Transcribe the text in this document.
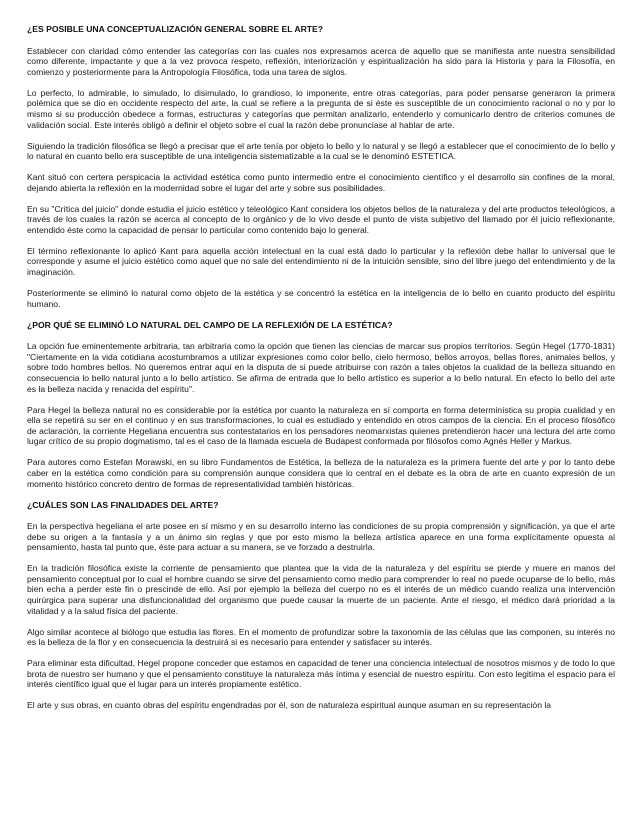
¿ES POSIBLE UNA CONCEPTUALIZACIÓN GENERAL SOBRE EL ARTE?

Establecer con claridad cómo entender las categorías con las cuales nos expresamos acerca de aquello que se manifiesta ante nuestra sensibilidad como diferente, impactante y que a la vez provoca respeto, reflexión, interiorización y espiritualización ha sido para la Historia y para la Filosofía, en comienzo y posteriormente para la Antropología Filosófica, toda una tarea de siglos.

Lo perfecto, lo admirable, lo simulado, lo disimulado, lo grandioso, lo imponente, entre otras categorías, para poder pensarse generaron la primera polémica que se dio en occidente respecto del arte, la cual se refiere a la pregunta de si éste es susceptible de un conocimiento racional o no y por lo mismo si su producción obedece a formas, estructuras y categorías que permitan analizarlo, entenderlo y comunicarlo dentro de criterios comunes de validación social. Este interés obligó a definir el objeto sobre el cual la razón debe pronunciase al hablar de arte.

Siguiendo la tradición filosófica se llegó a precisar que el arte tenía por objeto lo bello y lo natural y se llegó a establecer que el conocimiento de lo bello y lo natural en cuanto bello era susceptible de una inteligencia sistematizable a la cual se le denominó ESTETICA.

Kant situó con certera perspicacia la actividad estética como punto intermedio entre el conocimiento científico y el desarrollo sin confines de la moral, dejando abierta la reflexión en la modernidad sobre el lugar del arte y sobre sus posibilidades.

En su "Crítica del juicio" donde estudia el juicio estético y teleológico Kant considera los objetos bellos de la naturaleza y del arte productos teleológicos, a través de los cuales la razón se acerca al concepto de lo orgánico y de lo vivo desde el punto de vista subjetivo del llamado por él juicio reflexionante, entendido éste como la capacidad de pensar lo particular como contenido bajo lo general.

El término reflexionante lo aplicó Kant para aquella acción intelectual en la cual está dado lo particular y la reflexión debe hallar lo universal que le corresponde y asume el juicio estético como aquel que no sale del entendimiento ni de la intuición sensible, sino del libre juego del entendimiento y de la imaginación.

Posteriormente se eliminó lo natural como objeto de la estética y se concentró la estética en la inteligencia de lo bello en cuanto producto del espíritu humano.

¿POR QUÉ SE ELIMINÓ LO NATURAL DEL CAMPO DE LA REFLEXIÓN DE LA ESTÉTICA?

La opción fue eminentemente arbitraria, tan arbitraria como la opción que tienen las ciencias de marcar sus propios territorios. Según Hegel (1770-1831) "Ciertamente en la vida cotidiana acostumbramos a utilizar expresiones como color bello, cielo hermoso, bellos arroyos, bellas flores, animales bellos, y sobre todo hombres bellos. No queremos entrar aquí en la disputa de si puede atribuirse con razón a tales objetos la cualidad de la belleza situando en consecuencia lo bello natural junto a lo bello artístico. Se afirma de entrada que lo bello artístico es superior a lo bello natural. En efecto lo bello del arte es la belleza nacida y renacida del espíritu".

Para Hegel la belleza natural no es considerable por la estética por cuanto la naturaleza en sí comporta en forma determinística su propia cualidad y en ella se repetirá su ser en el continuo y en sus transformaciones, lo cual es estudiado y entendido en otros campos de la ciencia. En el proceso filosófico de aclaración, la corriente Hegeliana encuentra sus contestatarios en los pensadores neomarxistas quienes pretendieron hacer una lectura del arte como lugar crítico de su propio dogmatismo, tal es el caso de la llamada escuela de Budapest conformada por filósofos como Agnés Heller y Markus.

Para autores como Estefan Morawski, en su libro Fundamentos de Estética, la belleza de la naturaleza es la primera fuente del arte y por lo tanto debe caber en la estética como condición para su comprensión aunque considera que lo central en el debate es la obra de arte en cuanto expresión de un momento histórico concreto dentro de formas de representatividad también históricas.

¿CUÁLES SON LAS FINALIDADES DEL ARTE?

En la perspectiva hegeliana el arte posee en sí mismo y en su desarrollo interno las condiciones de su propia comprensión y significación, ya que el arte debe su origen a la fantasía y a un ánimo sin reglas y que por esto mismo la belleza artística aparece en una forma explícitamente opuesta al pensamiento, hasta tal punto que, éste para actuar a su manera, se ve forzado a destruirla.

En la tradición filosófica existe la corriente de pensamiento que plantea que la vida de la naturaleza y del espíritu se pierde y muere en manos del pensamiento conceptual por lo cual el hombre cuando se sirve del pensamiento como medio para comprender lo real no puede ocuparse de lo bello, más bien echa a perder este fin o prescinde de ello. Así por ejemplo la belleza del cuerpo no es el interés de un médico cuando realiza una intervención quirúrgica para superar una disfuncionalidad del organismo que puede causar la muerte de un paciente. Ante el riesgo, el médico dará prioridad a la vitalidad y a la salud física del paciente.

Algo similar acontece al biólogo que estudia las flores. En el momento de profundizar sobre la taxonomía de las células que las componen, su interés no es la belleza de la flor y en consecuencia la destruirá si es necesario para entender y satisfacer su interés.

Para eliminar esta dificultad, Hegel propone conceder que estamos en capacidad de tener una conciencia intelectual de nosotros mismos y de todo lo que brota de nuestro ser humano y que el pensamiento constituye la naturaleza más íntima y esencial de nuestro espíritu. Con esto legitima el espacio para el interés científico igual que el lugar para un interés propiamente estético.

El arte y sus obras, en cuanto obras del espíritu engendradas por él, son de naturaleza espiritual aunque asuman en su representación la
